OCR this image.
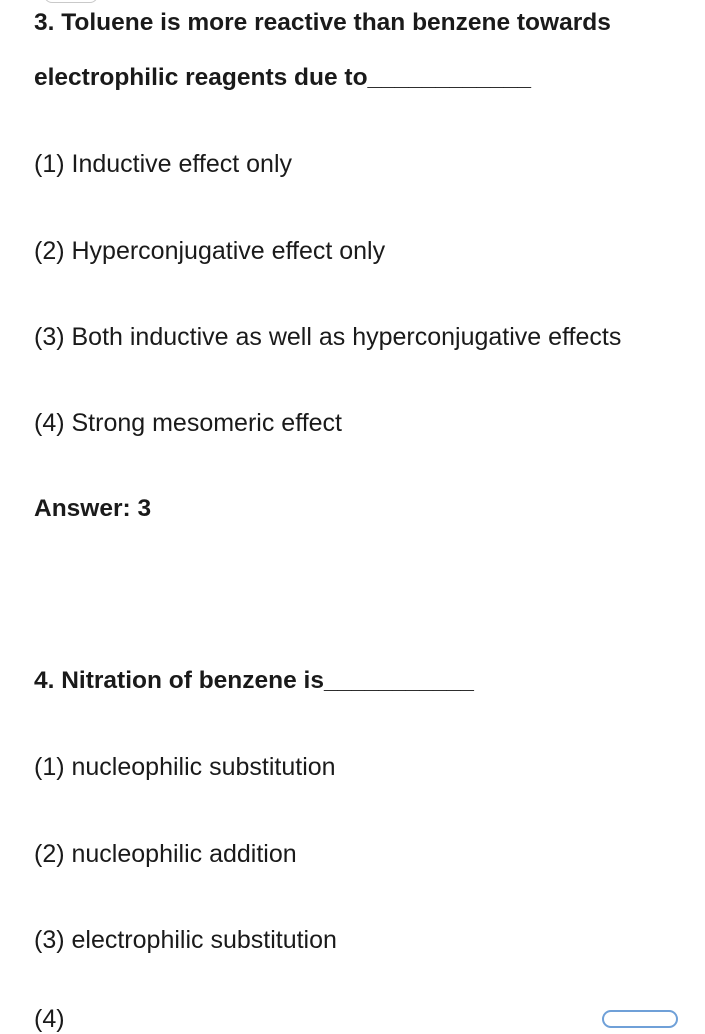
3. Toluene is more reactive than benzene towards

electrophilic reagents due to____________

(1) Inductive effect only

(2) Hyperconjugative effect only

(3) Both inductive as well as hyperconjugative effects

(4) Strong mesomeric effect

Answer: 3

4. Nitration of benzene is___________

(1) nucleophilic substitution

(2) nucleophilic addition

(3) electrophilic substitution

(4)
